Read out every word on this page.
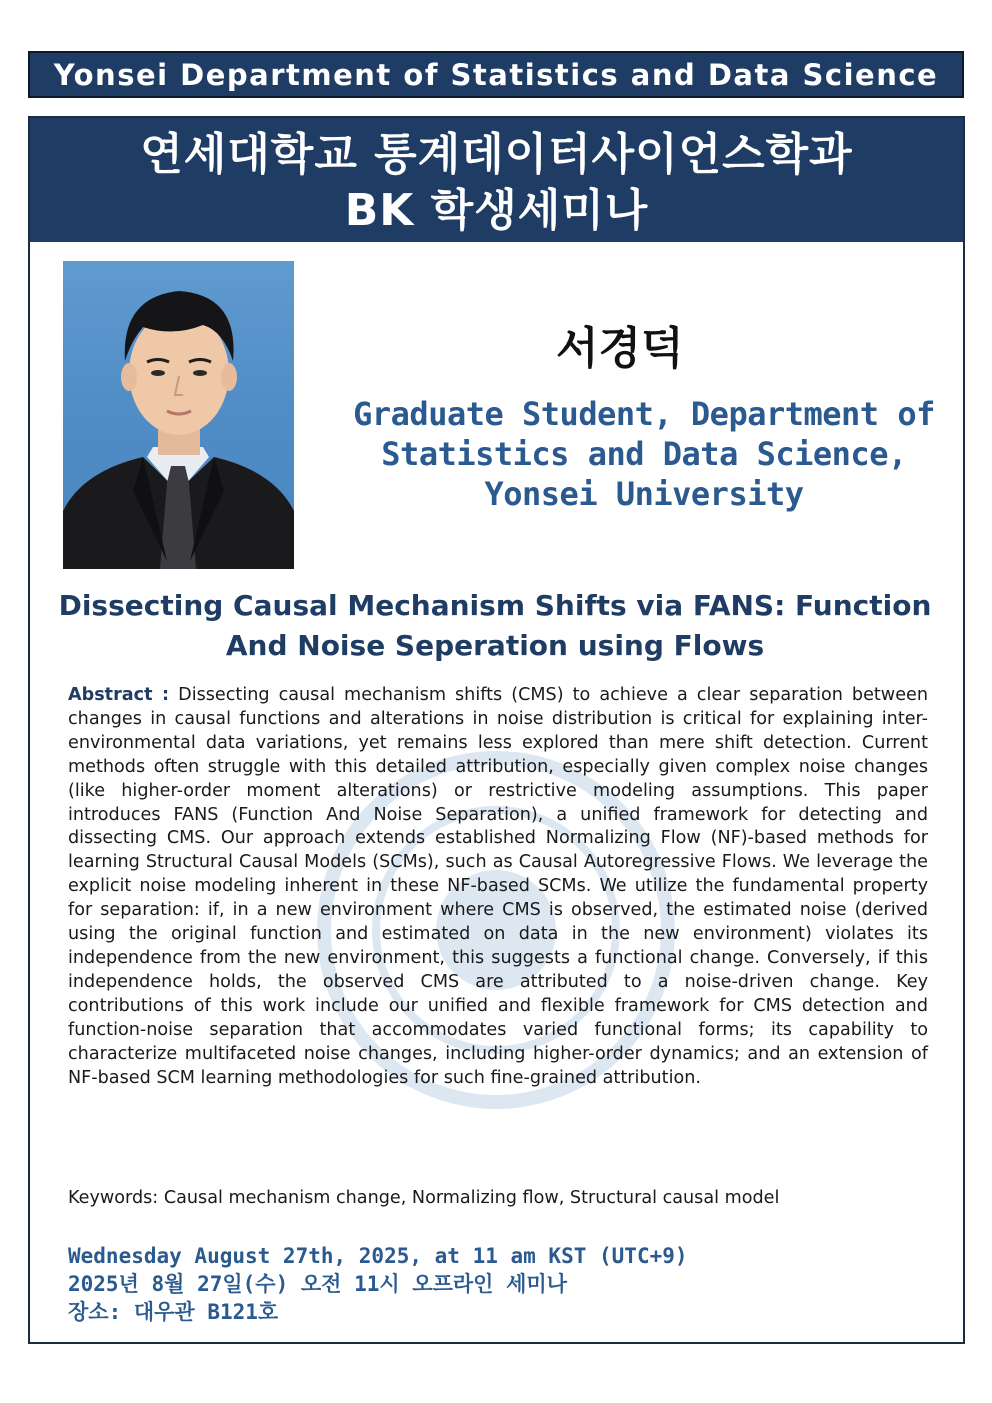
Yonsei Department of Statistics and Data Science
연세대학교 통계데이터사이언스학과
BK 학생세미나
서경덕
Graduate Student, Department of
Statistics and Data Science,
Yonsei University
Dissecting Causal Mechanism Shifts via FANS: Function And Noise Seperation using Flows
Abstract : Dissecting causal mechanism shifts (CMS) to achieve a clear separation between changes in causal functions and alterations in noise distribution is critical for explaining inter-environmental data variations, yet remains less explored than mere shift detection. Current methods often struggle with this detailed attribution, especially given complex noise changes (like higher-order moment alterations) or restrictive modeling assumptions. This paper introduces FANS (Function And Noise Separation), a unified framework for detecting and dissecting CMS. Our approach extends established Normalizing Flow (NF)-based methods for learning Structural Causal Models (SCMs), such as Causal Autoregressive Flows. We leverage the explicit noise modeling inherent in these NF-based SCMs. We utilize the fundamental property for separation: if, in a new environment where CMS is observed, the estimated noise (derived using the original function and estimated on data in the new environment) violates its independence from the new environment, this suggests a functional change. Conversely, if this independence holds, the observed CMS are attributed to a noise-driven change. Key contributions of this work include our unified and flexible framework for CMS detection and function-noise separation that accommodates varied functional forms; its capability to characterize multifaceted noise changes, including higher-order dynamics; and an extension of NF-based SCM learning methodologies for such fine-grained attribution.
Keywords: Causal mechanism change, Normalizing flow, Structural causal model
Wednesday August 27th, 2025, at 11 am KST (UTC+9)
2025년 8월 27일(수) 오전 11시 오프라인 세미나
장소: 대우관 B121호
